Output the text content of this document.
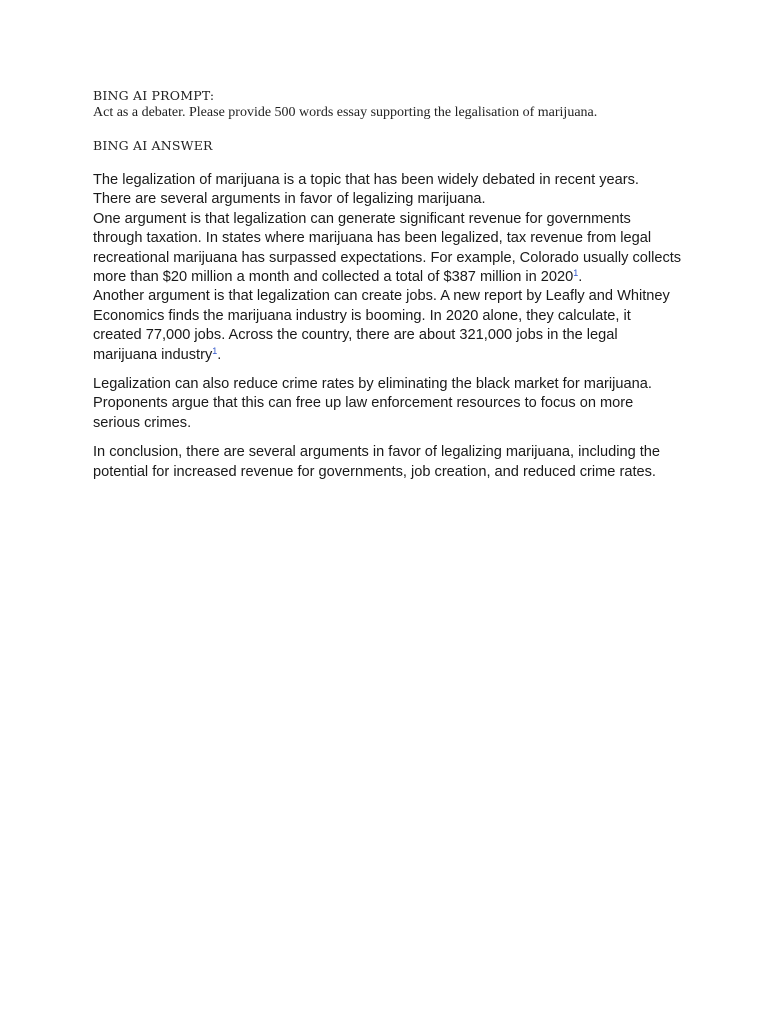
BING AI PROMPT:

Act as a debater. Please provide 500 words essay supporting the legalisation of marijuana.

BING AI ANSWER

The legalization of marijuana is a topic that has been widely debated in recent years.

There are several arguments in favor of legalizing marijuana.

One argument is that legalization can generate significant revenue for governments through taxation. In states where marijuana has been legalized, tax revenue from legal recreational marijuana has surpassed expectations. For example, Colorado usually collects more than $20 million a month and collected a total of $387 million in 2020$^1$.

Another argument is that legalization can create jobs. A new report by Leafly and Whitney Economics finds the marijuana industry is booming. In 2020 alone, they calculate, it created 77,000 jobs. Across the country, there are about 321,000 jobs in the legal marijuana industry$^1$.

Legalization can also reduce crime rates by eliminating the black market for marijuana. Proponents argue that this can free up law enforcement resources to focus on more serious crimes.

In conclusion, there are several arguments in favor of legalizing marijuana, including the potential for increased revenue for governments, job creation, and reduced crime rates.
